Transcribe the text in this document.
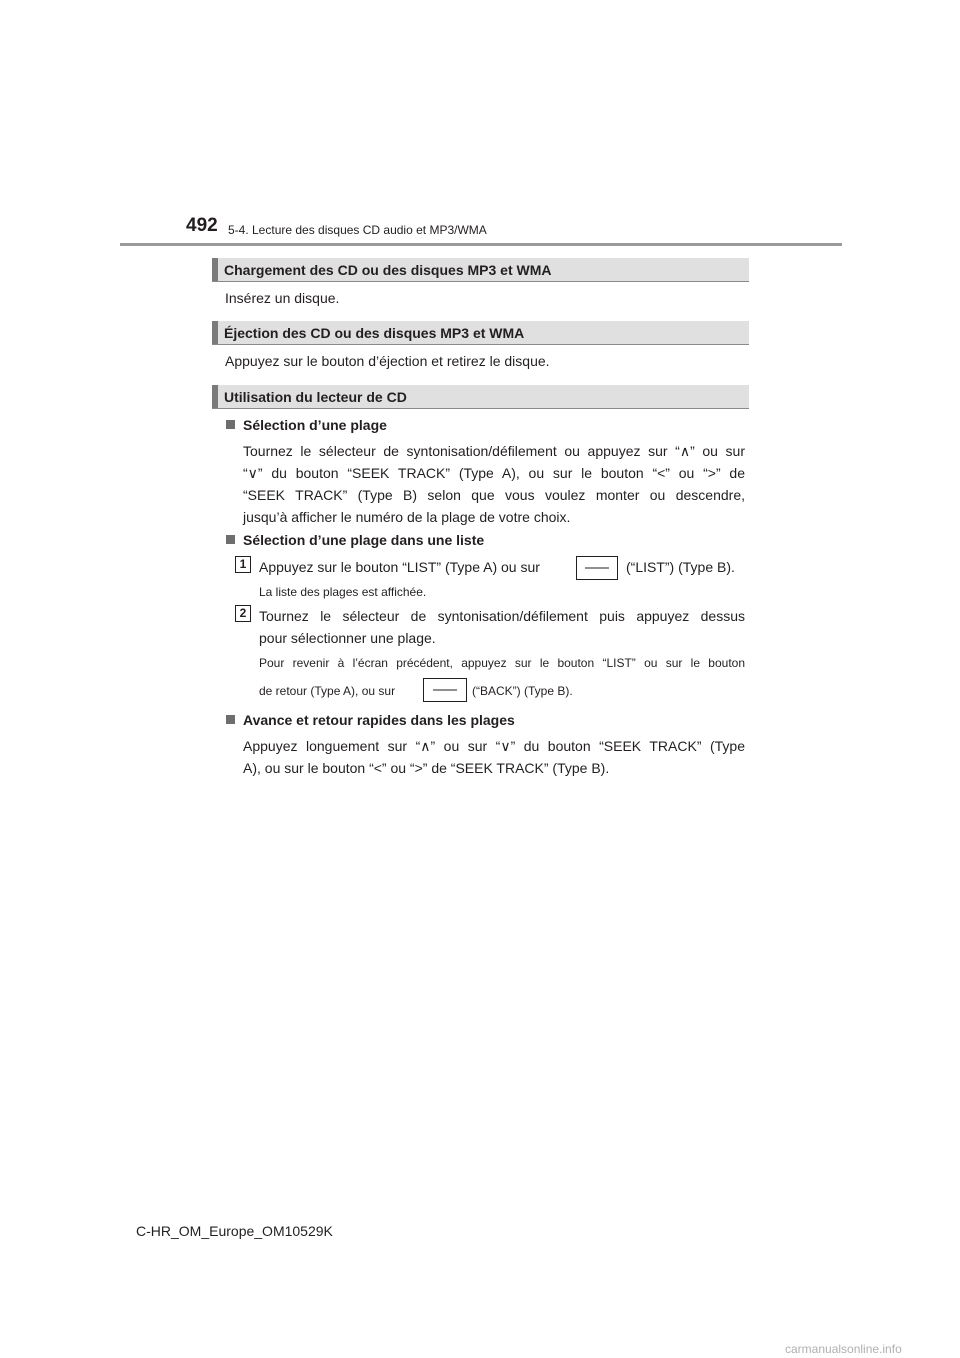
492 5-4. Lecture des disques CD audio et MP3/WMA
Chargement des CD ou des disques MP3 et WMA
Insérez un disque.
Éjection des CD ou des disques MP3 et WMA
Appuyez sur le bouton d’éjection et retirez le disque.
Utilisation du lecteur de CD
Sélection d’une plage
Tournez le sélecteur de syntonisation/défilement ou appuyez sur “∧” ou sur
“∨” du bouton “SEEK TRACK” (Type A), ou sur le bouton “<” ou “>” de
“SEEK TRACK” (Type B) selon que vous voulez monter ou descendre,
jusqu’à afficher le numéro de la plage de votre choix.
Sélection d’une plage dans une liste
1 Appuyez sur le bouton “LIST” (Type A) ou sur	(“LIST”) (Type B).
La liste des plages est affichée.
2 Tournez le sélecteur de syntonisation/défilement puis appuyez dessus
pour sélectionner une plage.
Pour revenir à l’écran précédent, appuyez sur le bouton “LIST” ou sur le bouton
de retour (Type A), ou sur	(“BACK”) (Type B).
Avance et retour rapides dans les plages
Appuyez longuement sur “∧” ou sur “∨” du bouton “SEEK TRACK” (Type
A), ou sur le bouton “<” ou “>” de “SEEK TRACK” (Type B).
C-HR_OM_Europe_OM10529K
carmanualsonline.info
